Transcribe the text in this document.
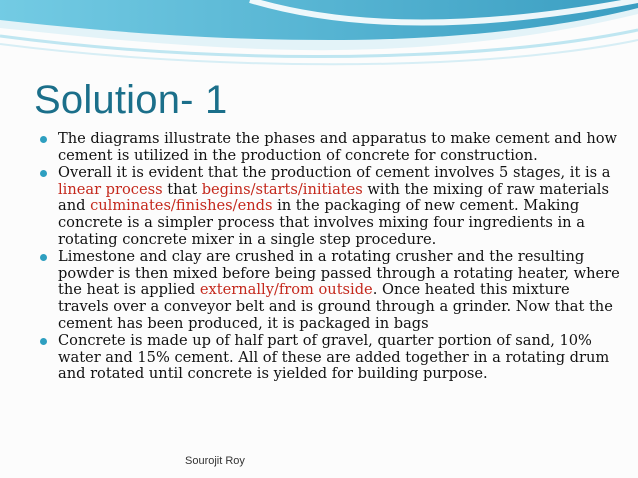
Solution- 1
The diagrams illustrate the phases and apparatus to make cement and how cement is utilized in the production of concrete for construction.
Overall it is evident that the production of cement involves 5 stages, it is a linear process that begins/starts/initiates with the mixing of raw materials and culminates/finishes/ends in the packaging of new cement. Making concrete is a simpler process that involves mixing four ingredients in a rotating concrete mixer in a single step procedure.
Limestone and clay are crushed in a rotating crusher and the resulting powder is then mixed before being passed through a rotating heater, where the heat is applied externally/from outside. Once heated this mixture travels over a conveyor belt and is ground through a grinder. Now that the cement has been produced, it is packaged in bags
Concrete is made up of half part of gravel, quarter portion of sand, 10% water and 15% cement. All of these are added together in a rotating drum and rotated until concrete is yielded for building purpose.
Sourojit Roy
